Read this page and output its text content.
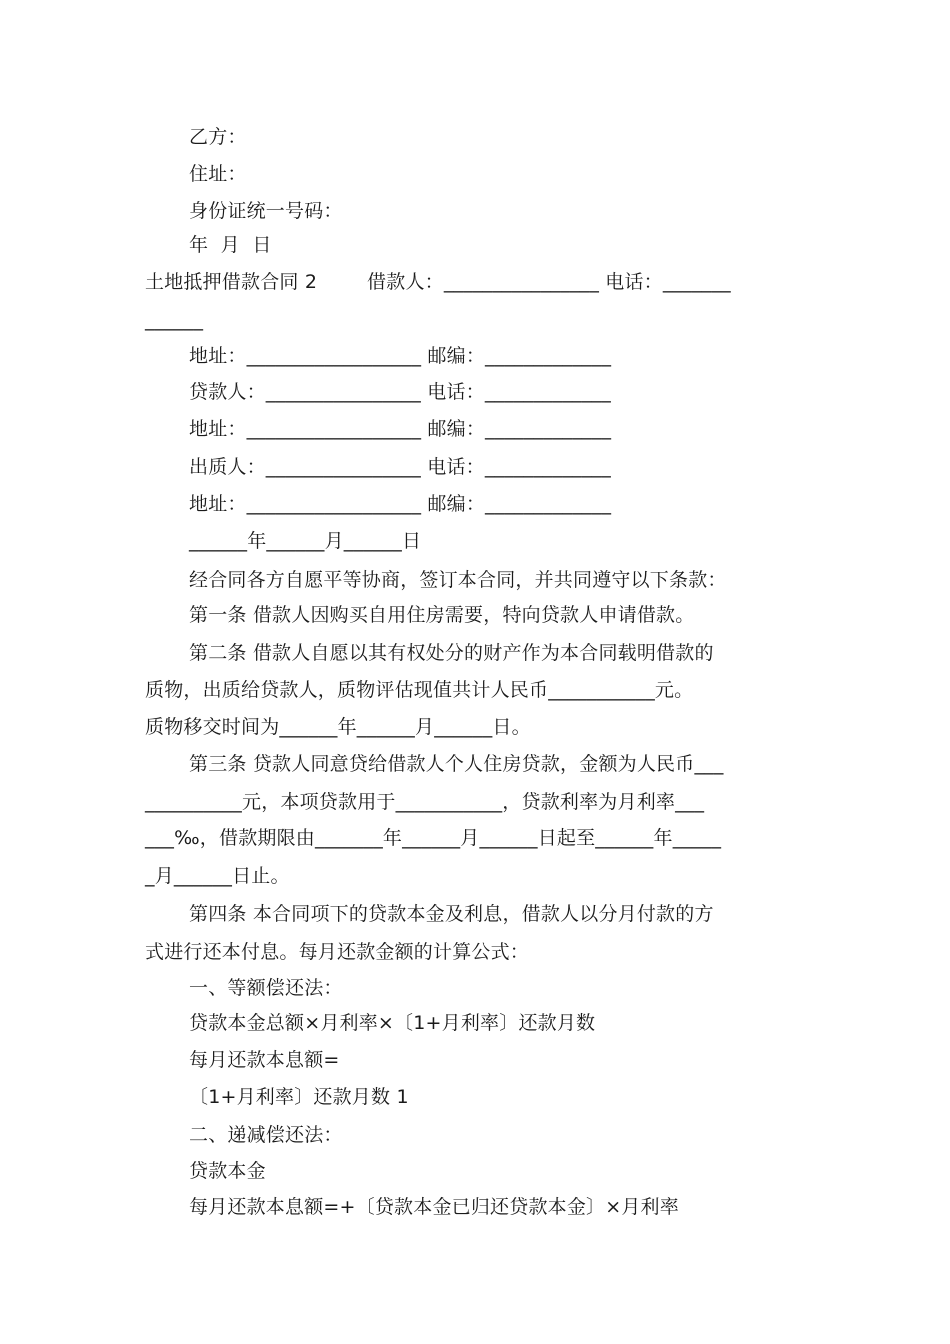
乙方：
住址：
身份证统一号码：
年  月  日
土地抵押借款合同 2        借款人：________________ 电话：_______
______
地址：__________________ 邮编：_____________
贷款人：________________ 电话：_____________
地址：__________________ 邮编：_____________
出质人：________________ 电话：_____________
地址：__________________ 邮编：_____________
______年______月______日
经合同各方自愿平等协商，签订本合同，并共同遵守以下条款：
第一条 借款人因购买自用住房需要，特向贷款人申请借款。
第二条 借款人自愿以其有权处分的财产作为本合同载明借款的
质物，出质给贷款人，质物评估现值共计人民币___________元。
质物移交时间为______年______月______日。
第三条 贷款人同意贷给借款人个人住房贷款，金额为人民币___
__________元，本项贷款用于___________，贷款利率为月利率___
___‰，借款期限由_______年______月______日起至______年_____
_月______日止。
第四条 本合同项下的贷款本金及利息，借款人以分月付款的方
式进行还本付息。每月还款金额的计算公式：
一、等额偿还法：
贷款本金总额×月利率×〔1+月利率〕还款月数
每月还款本息额=
〔1+月利率〕还款月数 1
二、递减偿还法：
贷款本金
每月还款本息额=+〔贷款本金已归还贷款本金〕×月利率
